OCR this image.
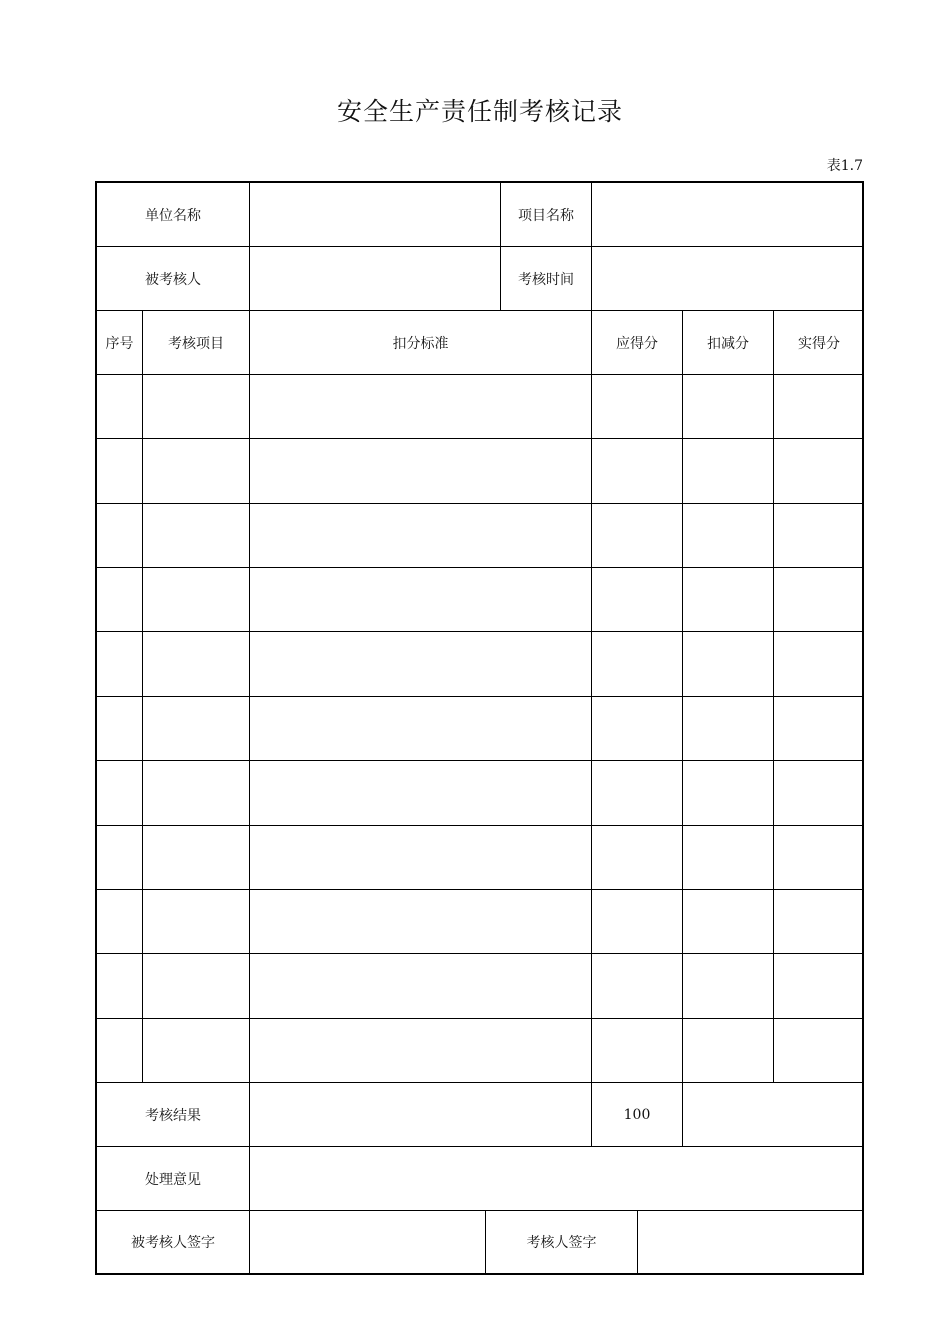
安全生产责任制考核记录
表1.7
单位名称	项目名称
被考核人	考核时间
序号	考核项目	扣分标准	应得分	扣减分	实得分
考核结果	100
处理意见
被考核人签字	考核人签字
